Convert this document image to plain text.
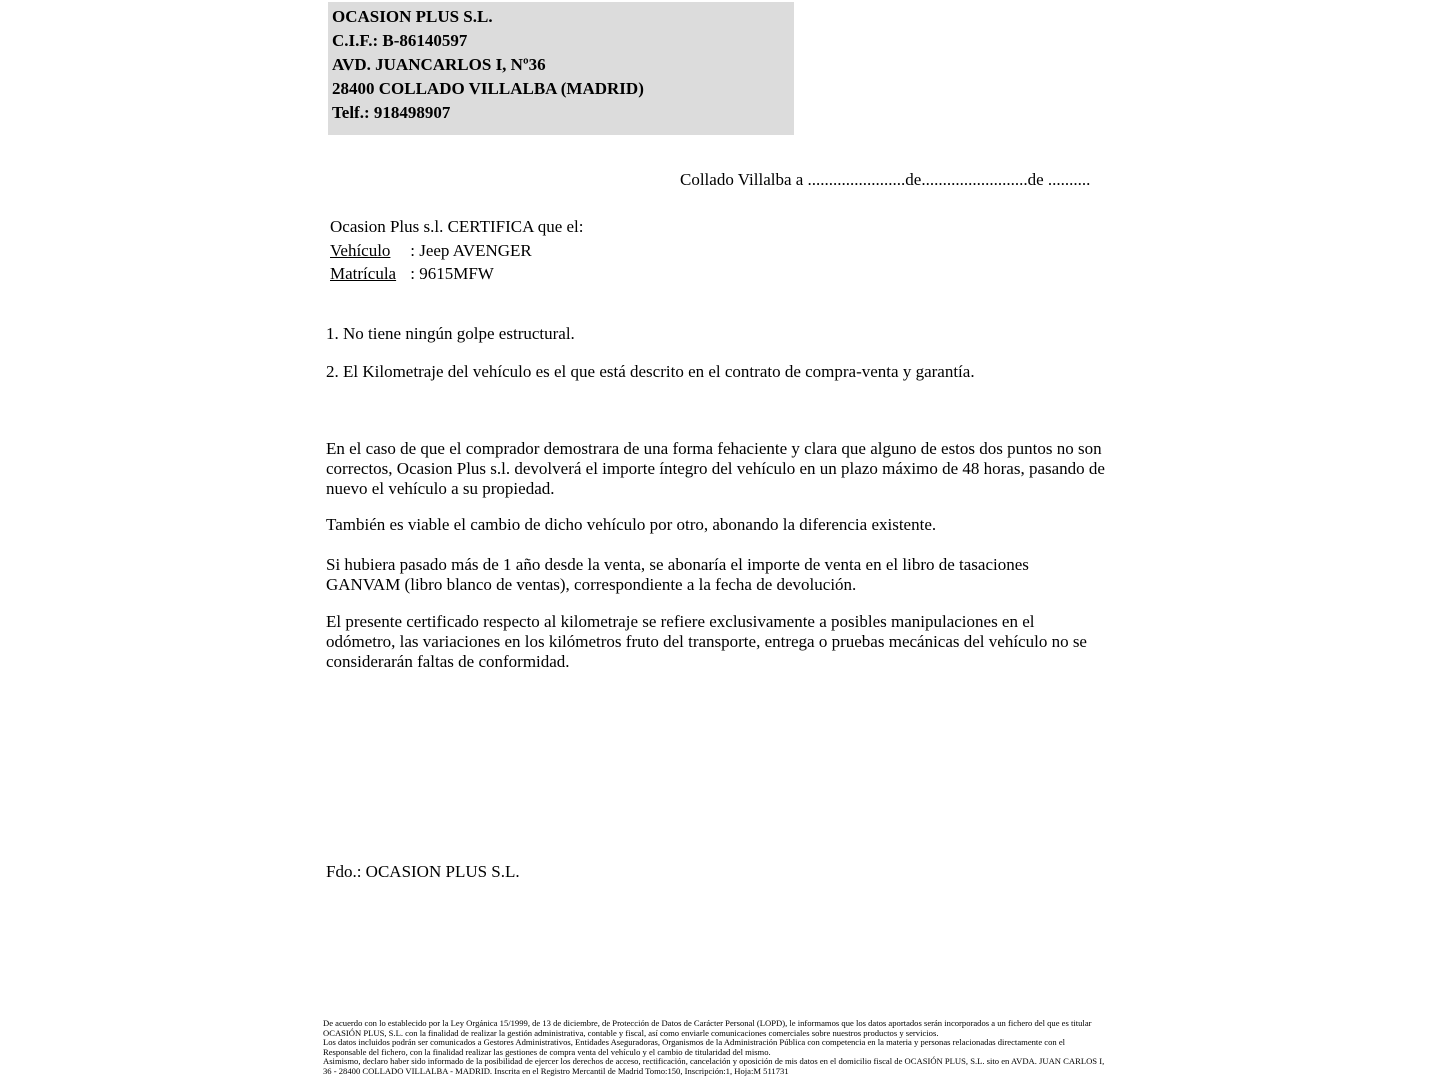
OCASION PLUS S.L.
C.I.F.: B-86140597
AVD. JUANCARLOS I, Nº36
28400 COLLADO VILLALBA (MADRID)
Telf.: 918498907
Collado Villalba a .......................de.........................de ..........
Ocasion Plus s.l. CERTIFICA que el:
Vehículo : Jeep AVENGER
Matrícula : 9615MFW
1. No tiene ningún golpe estructural.
2. El Kilometraje del vehículo es el que está descrito en el contrato de compra-venta y garantía.
En el caso de que el comprador demostrara de una forma fehaciente y clara que alguno de estos dos puntos no son correctos, Ocasion Plus s.l. devolverá el importe íntegro del vehículo en un plazo máximo de 48 horas, pasando de nuevo el vehículo a su propiedad.
También es viable el cambio de dicho vehículo por otro, abonando la diferencia existente.
Si hubiera pasado más de 1 año desde la venta, se abonaría el importe de venta en el libro de tasaciones GANVAM (libro blanco de ventas), correspondiente a la fecha de devolución.
El presente certificado respecto al kilometraje se refiere exclusivamente a posibles manipulaciones en el odómetro, las variaciones en los kilómetros fruto del transporte, entrega o pruebas mecánicas del vehículo no se considerarán faltas de conformidad.
Fdo.: OCASION PLUS S.L.

De acuerdo con lo establecido por la Ley Orgánica 15/1999, de 13 de diciembre, de Protección de Datos de Carácter Personal (LOPD), le informamos que los datos aportados serán incorporados a un fichero del que es titular OCASIÓN PLUS, S.L. con la finalidad de realizar la gestión administrativa, contable y fiscal, así como enviarle comunicaciones comerciales sobre nuestros productos y servicios.

Los datos incluidos podrán ser comunicados a Gestores Administrativos, Entidades Aseguradoras, Organismos de la Administración Pública con competencia en la materia y personas relacionadas directamente con el Responsable del fichero, con la finalidad realizar las gestiones de compra venta del vehículo y el cambio de titularidad del mismo.

Asimismo, declaro haber sido informado de la posibilidad de ejercer los derechos de acceso, rectificación, cancelación y oposición de mis datos en el domicilio fiscal de OCASIÓN PLUS, S.L. sito en AVDA. JUAN CARLOS I, 36 - 28400 COLLADO VILLALBA - MADRID. Inscrita en el Registro Mercantil de Madrid Tomo:150, Inscripción:1, Hoja:M 511731
